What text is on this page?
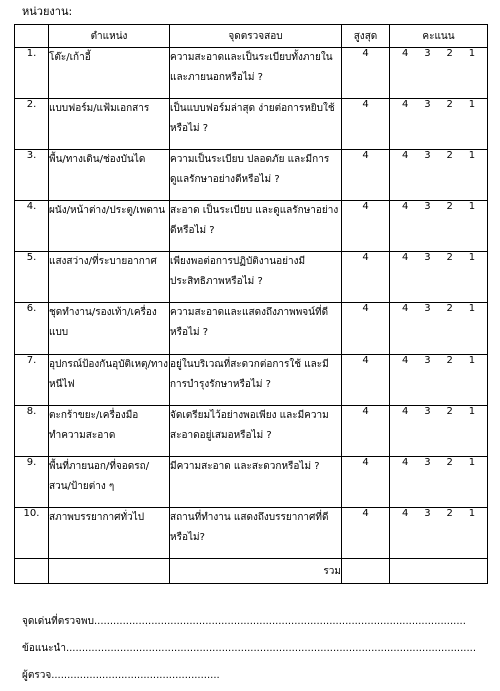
หน่วยงาน:
	ตำแหน่ง	จุดตรวจสอบ	สูงสุด	คะแนน
1.	โต๊ะ/เก้าอี้	ความสะอาดและเป็นระเบียบทั้งภายในและภายนอกหรือไม่ ?	4	4 3 2 1

2.	แบบฟอร์ม/แฟ้มเอกสาร	เป็นแบบฟอร์มล่าสุด ง่ายต่อการหยิบใช้หรือไม่ ?	4	4 3 2 1

3.	พื้น/ทางเดิน/ช่องบันได	ความเป็นระเบียบ ปลอดภัย และมีการดูแลรักษาอย่างดีหรือไม่ ?	4	4 3 2 1

4.	ผนัง/หน้าต่าง/ประตู/เพดาน	สะอาด เป็นระเบียบ และดูแลรักษาอย่างดีหรือไม่ ?	4	4 3 2 1

5.	แสงสว่าง/ที่ระบายอากาศ	เพียงพอต่อการปฏิบัติงานอย่างมีประสิทธิภาพหรือไม่ ?	4	4 3 2 1

6.	ชุดทำงาน/รองเท้า/เครื่องแบบ	ความสะอาดและแสดงถึงภาพพจน์ที่ดีหรือไม่ ?	4	4 3 2 1

7.	อุปกรณ์ป้องกันอุบัติเหตุ/ทางหนีไฟ	อยู่ในบริเวณที่สะดวกต่อการใช้ และมีการบำรุงรักษาหรือไม่ ?	4	4 3 2 1

8.	ตะกร้าขยะ/เครื่องมือทำความสะอาด	จัดเตรียมไว้อย่างพอเพียง และมีความสะอาดอยู่เสมอหรือไม่ ?	4	4 3 2 1

9.	พื้นที่ภายนอก/ที่จอดรถ/สวน/ป้ายต่าง ๆ	มีความสะอาด และสะดวกหรือไม่ ?	4	4 3 2 1

10.	สภาพบรรยากาศทั่วไป	สถานที่ทำงาน แสดงถึงบรรยากาศที่ดีหรือไม่?	4	4 3 2 1

		รวม		
จุดเด่นที่ตรวจพบ.....................................................................................................................
ข้อแนะนำ.................................................................................................................................
ผู้ตรวจ.....................................................
